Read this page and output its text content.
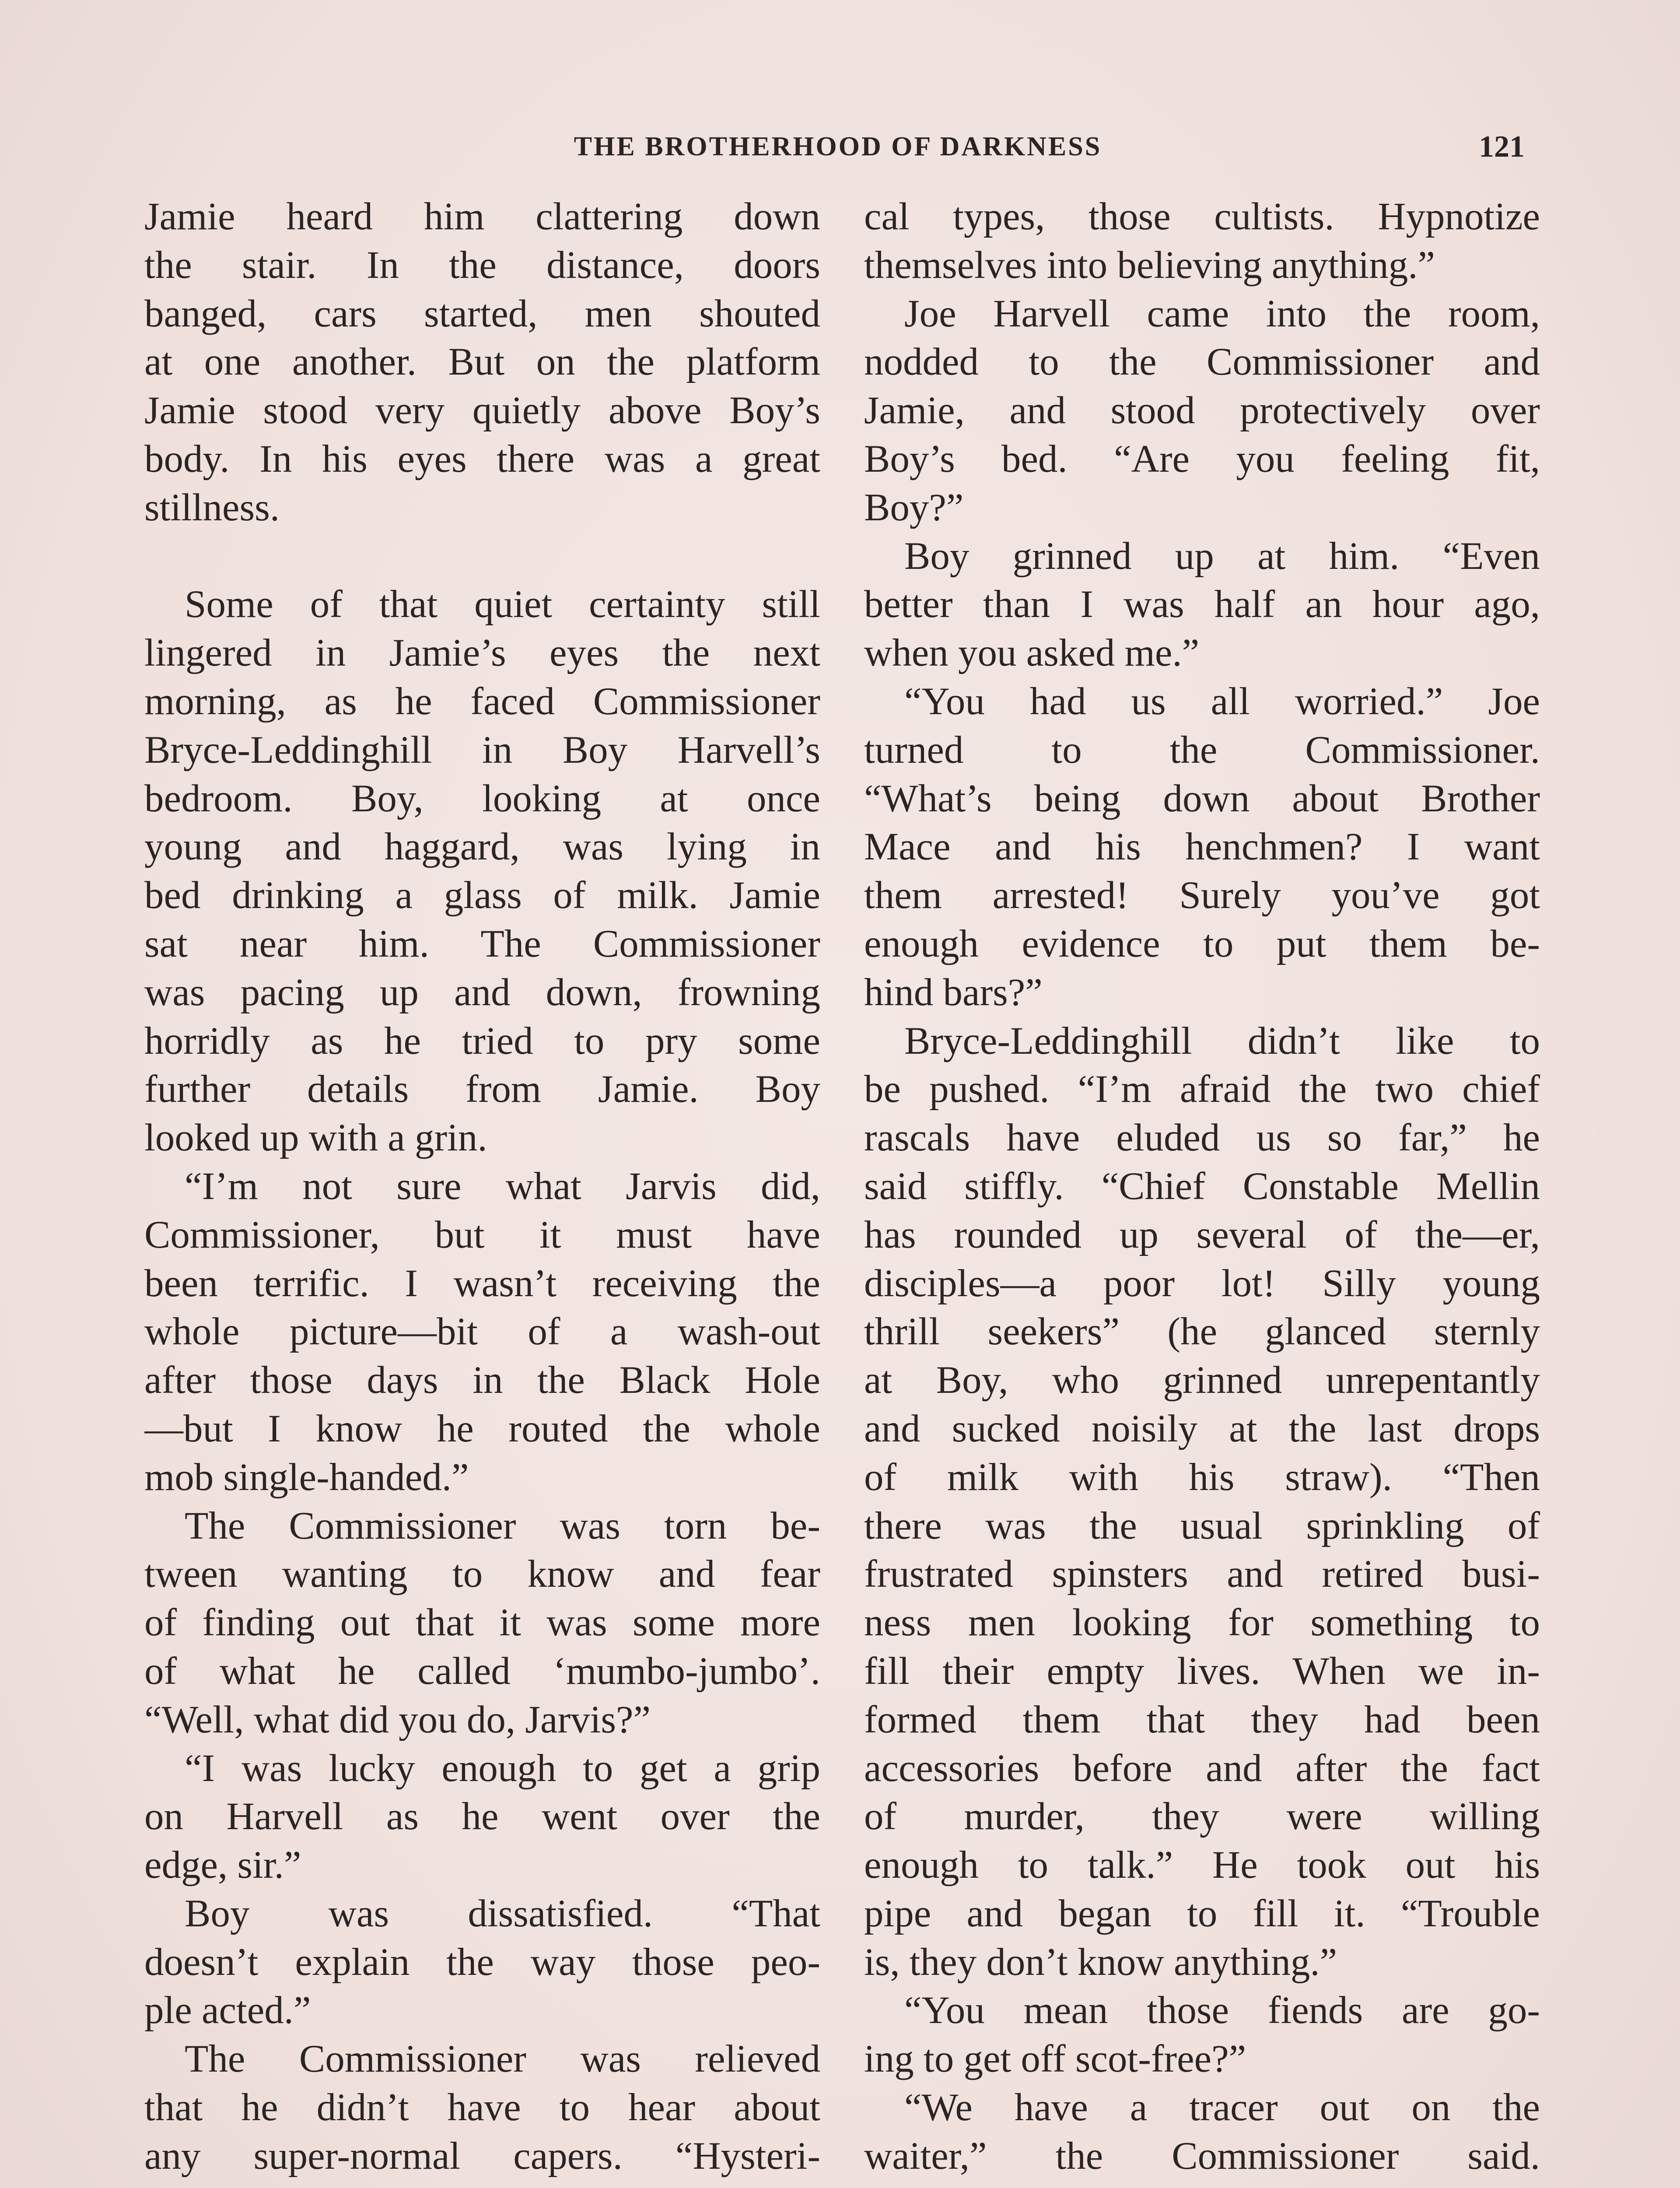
THE BROTHERHOOD OF DARKNESS	121
Jamie heard him clattering down
the stair. In the distance, doors
banged, cars started, men shouted
at one another. But on the platform
Jamie stood very quietly above Boy’s
body. In his eyes there was a great
stillness.
Some of that quiet certainty still
lingered in Jamie’s eyes the next
morning, as he faced Commissioner
Bryce-Leddinghill in Boy Harvell’s
bedroom. Boy, looking at once
young and haggard, was lying in
bed drinking a glass of milk. Jamie
sat near him. The Commissioner
was pacing up and down, frowning
horridly as he tried to pry some
further details from Jamie. Boy
looked up with a grin.
“I’m not sure what Jarvis did,
Commissioner, but it must have
been terrific. I wasn’t receiving the
whole picture—bit of a wash-out
after those days in the Black Hole
—but I know he routed the whole
mob single-handed.”
The Commissioner was torn be-
tween wanting to know and fear
of finding out that it was some more
of what he called ‘mumbo-jumbo’.
“Well, what did you do, Jarvis?”
“I was lucky enough to get a grip
on Harvell as he went over the
edge, sir.”
Boy was dissatisfied. “That
doesn’t explain the way those peo-
ple acted.”
The Commissioner was relieved
that he didn’t have to hear about
any super-normal capers. “Hysteri-
cal types, those cultists. Hypnotize
themselves into believing anything.”
Joe Harvell came into the room,
nodded to the Commissioner and
Jamie, and stood protectively over
Boy’s bed. “Are you feeling fit,
Boy?”
Boy grinned up at him. “Even
better than I was half an hour ago,
when you asked me.”
“You had us all worried.” Joe
turned to the Commissioner.
“What’s being down about Brother
Mace and his henchmen? I want
them arrested! Surely you’ve got
enough evidence to put them be-
hind bars?”
Bryce-Leddinghill didn’t like to
be pushed. “I’m afraid the two chief
rascals have eluded us so far,” he
said stiffly. “Chief Constable Mellin
has rounded up several of the—er,
disciples—a poor lot! Silly young
thrill seekers” (he glanced sternly
at Boy, who grinned unrepentantly
and sucked noisily at the last drops
of milk with his straw). “Then
there was the usual sprinkling of
frustrated spinsters and retired busi-
ness men looking for something to
fill their empty lives. When we in-
formed them that they had been
accessories before and after the fact
of murder, they were willing
enough to talk.” He took out his
pipe and began to fill it. “Trouble
is, they don’t know anything.”
“You mean those fiends are go-
ing to get off scot-free?”
“We have a tracer out on the
waiter,” the Commissioner said.
